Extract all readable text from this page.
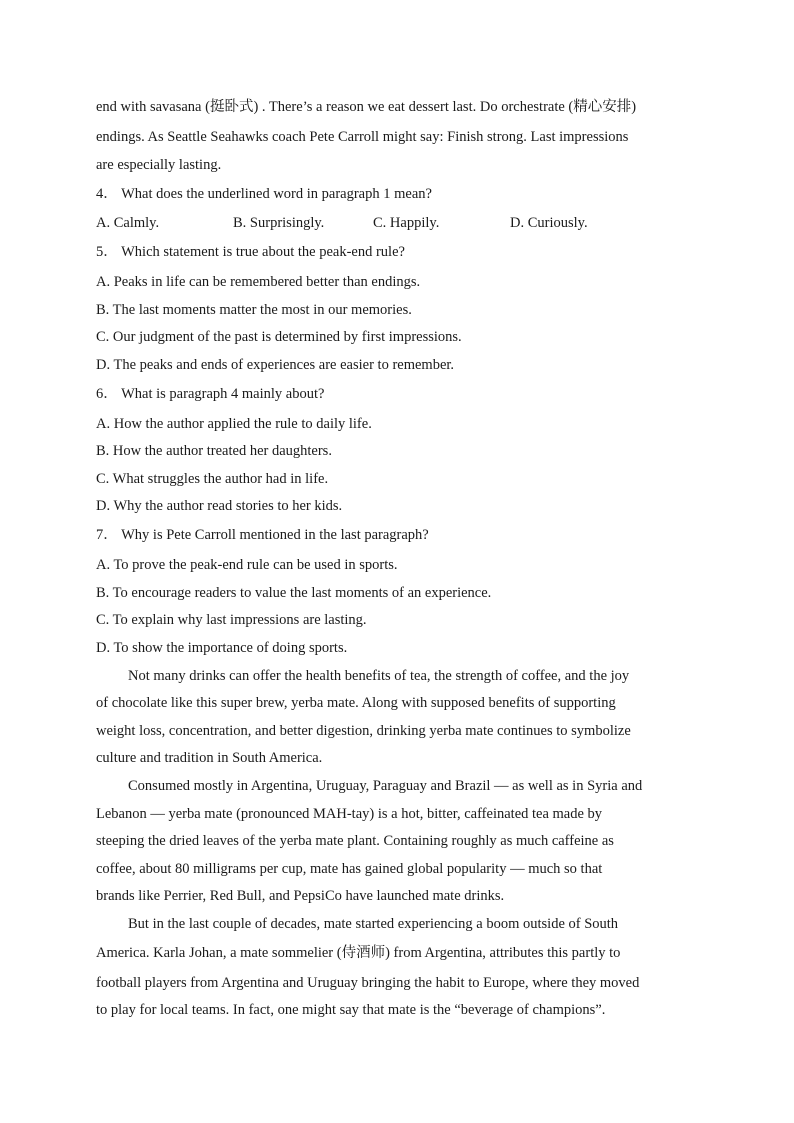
end with savasana (挺卧式) . There’s a reason we eat dessert last. Do orchestrate (精心安排)
endings. As Seattle Seahawks coach Pete Carroll might say: Finish strong. Last impressions
are especially lasting.
4． What does the underlined word in paragraph 1 mean?
A. Calmly.	B. Surprisingly.	C. Happily.	D. Curiously.
5． Which statement is true about the peak-end rule?
A. Peaks in life can be remembered better than endings.
B. The last moments matter the most in our memories.
C. Our judgment of the past is determined by first impressions.
D. The peaks and ends of experiences are easier to remember.
6． What is paragraph 4 mainly about?
A. How the author applied the rule to daily life.
B. How the author treated her daughters.
C. What struggles the author had in life.
D. Why the author read stories to her kids.
7． Why is Pete Carroll mentioned in the last paragraph?
A. To prove the peak-end rule can be used in sports.
B. To encourage readers to value the last moments of an experience.
C. To explain why last impressions are lasting.
D. To show the importance of doing sports.
Not many drinks can offer the health benefits of tea, the strength of coffee, and the joy
of chocolate like this super brew, yerba mate. Along with supposed benefits of supporting
weight loss, concentration, and better digestion, drinking yerba mate continues to symbolize
culture and tradition in South America.
Consumed mostly in Argentina, Uruguay, Paraguay and Brazil — as well as in Syria and
Lebanon — yerba mate (pronounced MAH-tay) is a hot, bitter, caffeinated tea made by
steeping the dried leaves of the yerba mate plant. Containing roughly as much caffeine as
coffee, about 80 milligrams per cup, mate has gained global popularity — much so that
brands like Perrier, Red Bull, and PepsiCo have launched mate drinks.
But in the last couple of decades, mate started experiencing a boom outside of South
America. Karla Johan, a mate sommelier (侍酒师) from Argentina, attributes this partly to
football players from Argentina and Uruguay bringing the habit to Europe, where they moved
to play for local teams. In fact, one might say that mate is the “beverage of champions”.
